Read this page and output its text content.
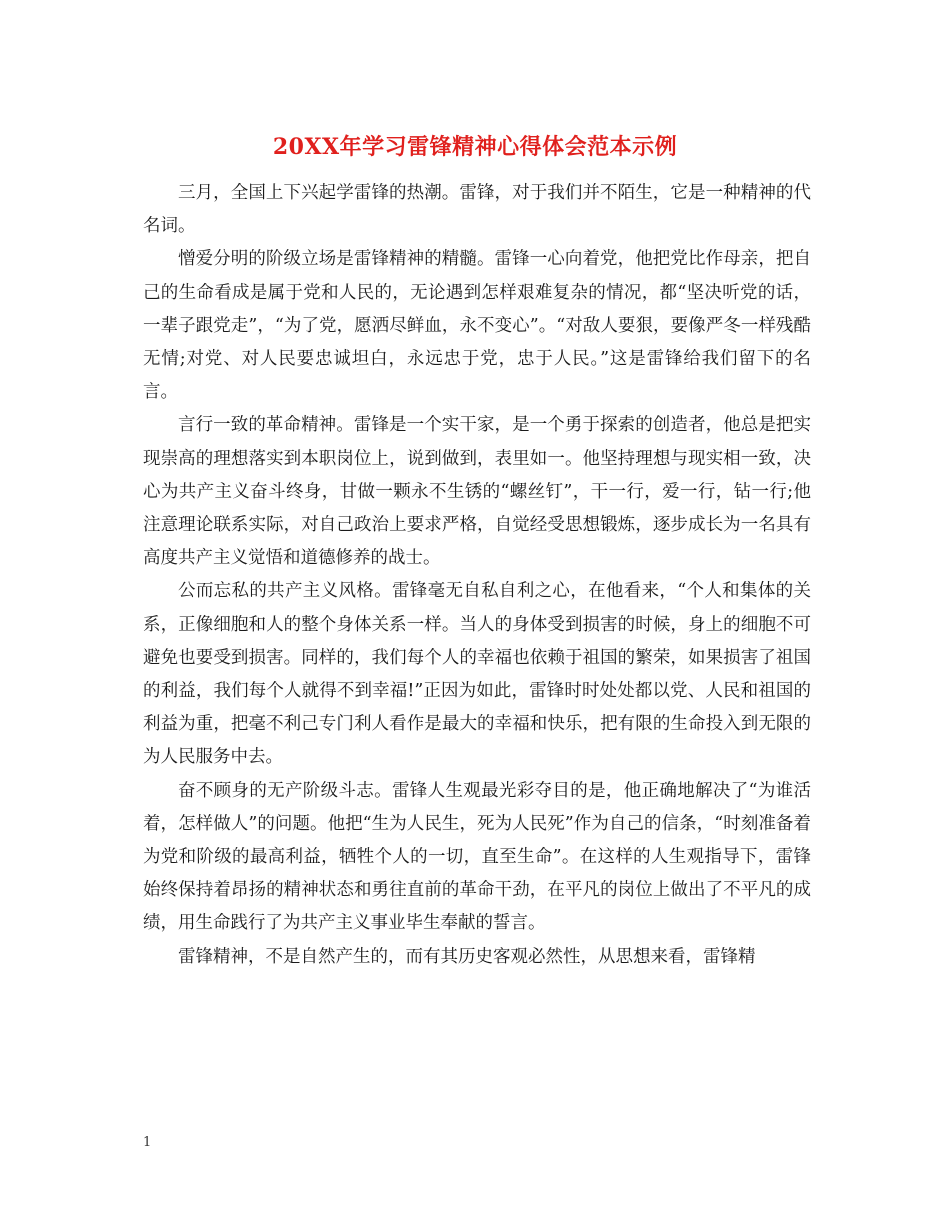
20XX年学习雷锋精神心得体会范本示例

三月，全国上下兴起学雷锋的热潮。雷锋，对于我们并不陌生，它是一种精神的代名词。

憎爱分明的阶级立场是雷锋精神的精髓。雷锋一心向着党，他把党比作母亲，把自己的生命看成是属于党和人民的，无论遇到怎样艰难复杂的情况，都“坚决听党的话，一辈子跟党走”，“为了党，愿洒尽鲜血，永不变心”。“对敌人要狠，要像严冬一样残酷无情;对党、对人民要忠诚坦白，永远忠于党，忠于人民。”这是雷锋给我们留下的名言。

言行一致的革命精神。雷锋是一个实干家，是一个勇于探索的创造者，他总是把实现崇高的理想落实到本职岗位上，说到做到，表里如一。他坚持理想与现实相一致，决心为共产主义奋斗终身，甘做一颗永不生锈的“螺丝钉”，干一行，爱一行，钻一行;他注意理论联系实际，对自己政治上要求严格，自觉经受思想锻炼，逐步成长为一名具有高度共产主义觉悟和道德修养的战士。

公而忘私的共产主义风格。雷锋毫无自私自利之心，在他看来，“个人和集体的关系，正像细胞和人的整个身体关系一样。当人的身体受到损害的时候，身上的细胞不可避免也要受到损害。同样的，我们每个人的幸福也依赖于祖国的繁荣，如果损害了祖国的利益，我们每个人就得不到幸福!”正因为如此，雷锋时时处处都以党、人民和祖国的利益为重，把毫不利己专门利人看作是最大的幸福和快乐，把有限的生命投入到无限的为人民服务中去。

奋不顾身的无产阶级斗志。雷锋人生观最光彩夺目的是，他正确地解决了“为谁活着，怎样做人”的问题。他把“生为人民生，死为人民死”作为自己的信条，“时刻准备着为党和阶级的最高利益，牺牲个人的一切，直至生命”。在这样的人生观指导下，雷锋始终保持着昂扬的精神状态和勇往直前的革命干劲，在平凡的岗位上做出了不平凡的成绩，用生命践行了为共产主义事业毕生奉献的誓言。

雷锋精神，不是自然产生的，而有其历史客观必然性，从思想来看，雷锋精

1
